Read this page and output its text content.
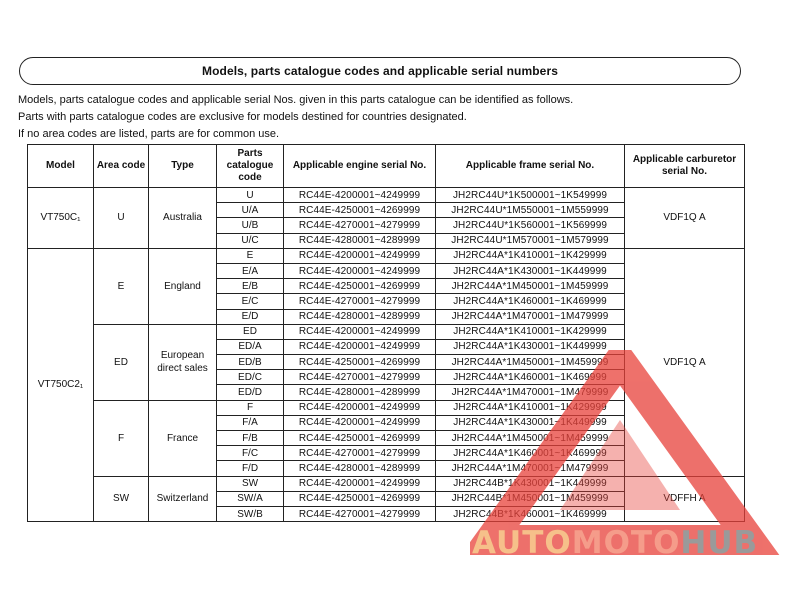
Models, parts catalogue codes and applicable serial numbers
Models, parts catalogue codes and applicable serial Nos. given in this parts catalogue can be identified as follows.
Parts with parts catalogue codes are exclusive for models destined for countries designated.
If no area codes are listed, parts are for common use.
Model	Area code	Type	Parts catalogue code	Applicable engine serial No.	Applicable frame serial No.	Applicable carburetor serial No.
VT750C₁	U	Australia	U	RC44E-4200001~4249999	JH2RC44U*1K500001~1K549999	VDF1Q A
			U/A	RC44E-4250001~4269999	JH2RC44U*1M550001~1M559999	
			U/B	RC44E-4270001~4279999	JH2RC44U*1K560001~1K569999	
			U/C	RC44E-4280001~4289999	JH2RC44U*1M570001~1M579999	
VT750C2₁	E	England	E	RC44E-4200001~4249999	JH2RC44A*1K410001~1K429999	VDF1Q A
			E/A	RC44E-4200001~4249999	JH2RC44A*1K430001~1K449999	
			E/B	RC44E-4250001~4269999	JH2RC44A*1M450001~1M459999	
			E/C	RC44E-4270001~4279999	JH2RC44A*1K460001~1K469999	
			E/D	RC44E-4280001~4289999	JH2RC44A*1M470001~1M479999	
	ED	European direct sales	ED	RC44E-4200001~4249999	JH2RC44A*1K410001~1K429999	
			ED/A	RC44E-4200001~4249999	JH2RC44A*1K430001~1K449999	
			ED/B	RC44E-4250001~4269999	JH2RC44A*1M450001~1M459999	
			ED/C	RC44E-4270001~4279999	JH2RC44A*1K460001~1K469999	
			ED/D	RC44E-4280001~4289999	JH2RC44A*1M470001~1M479999	
	F	France	F	RC44E-4200001~4249999	JH2RC44A*1K410001~1K429999	
			F/A	RC44E-4200001~4249999	JH2RC44A*1K430001~1K449999	
			F/B	RC44E-4250001~4269999	JH2RC44A*1M450001~1M459999	
			F/C	RC44E-4270001~4279999	JH2RC44A*1K460001~1K469999	
			F/D	RC44E-4280001~4289999	JH2RC44A*1M470001~1M479999	
	SW	Switzerland	SW	RC44E-4200001~4249999	JH2RC44B*1K430001~1K449999	VDFFH A
			SW/A	RC44E-4250001~4269999	JH2RC44B*1M450001~1M459999	
			SW/B	RC44E-4270001~4279999	JH2RC44B*1K460001~1K469999	
AUTOMOTOHUB
